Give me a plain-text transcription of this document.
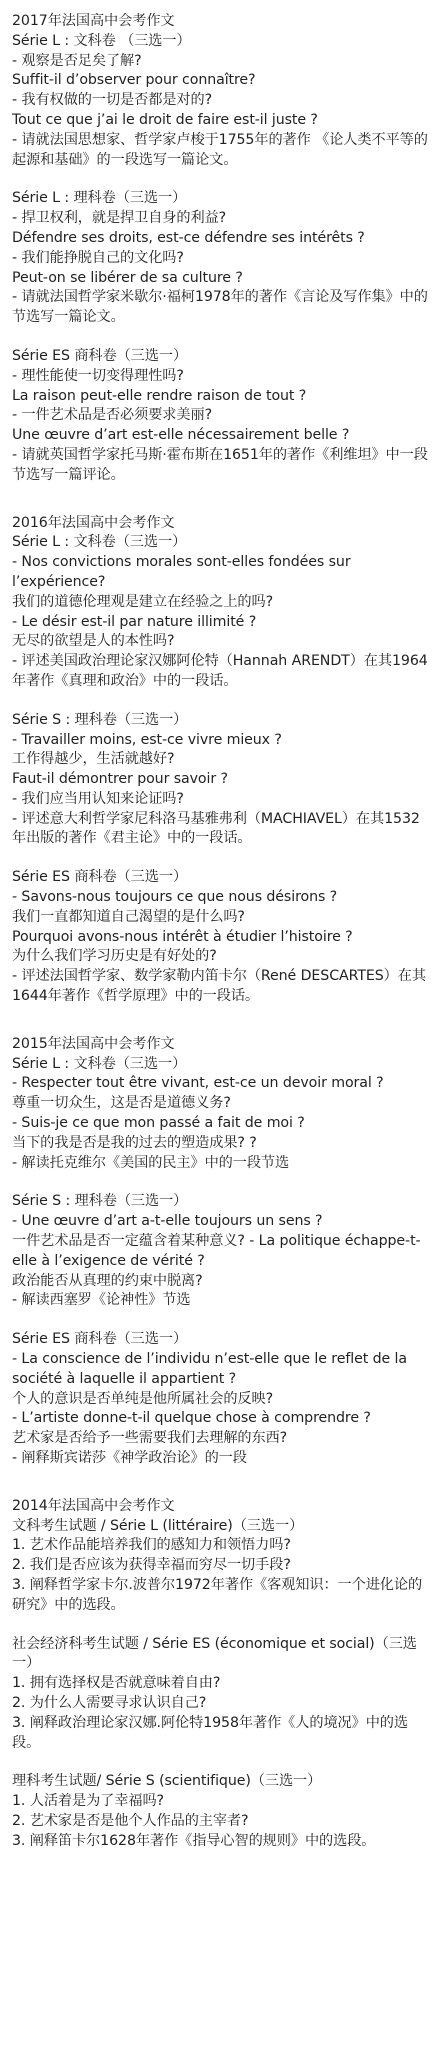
2017年法国高中会考作文
Série L : 文科卷 （三选一）
- 观察是否足矣了解?
Suffit-il d’observer pour connaître?
- 我有权做的一切是否都是对的?
Tout ce que j’ai le droit de faire est-il juste ?
- 请就法国思想家、哲学家卢梭于1755年的著作 《论人类不平等的起源和基础》的一段选写一篇论文。
Série L : 理科卷（三选一）
- 捍卫权利，就是捍卫自身的利益?
Défendre ses droits, est-ce défendre ses intérêts ?
- 我们能挣脱自己的文化吗?
Peut-on se libérer de sa culture ?
- 请就法国哲学家米歇尔·福柯1978年的著作《言论及写作集》中的节选写一篇论文。
Série ES 商科卷（三选一）
- 理性能使一切变得理性吗?
La raison peut-elle rendre raison de tout ?
- 一件艺术品是否必须要求美丽?
Une œuvre d’art est-elle nécessairement belle ?
- 请就英国哲学家托马斯·霍布斯在1651年的著作《利维坦》中一段节选写一篇评论。
2016年法国高中会考作文
Série L : 文科卷（三选一）
- Nos convictions morales sont-elles fondées sur l’expérience?
我们的道德伦理观是建立在经验之上的吗?
- Le désir est-il par nature illimité ?
无尽的欲望是人的本性吗?
- 评述美国政治理论家汉娜阿伦特（Hannah ARENDT）在其1964年著作《真理和政治》中的一段话。
Série S : 理科卷（三选一）
- Travailler moins, est-ce vivre mieux ?
工作得越少，生活就越好?
Faut-il démontrer pour savoir ?
- 我们应当用认知来论证吗?
- 评述意大利哲学家尼科洛马基雅弗利（MACHIAVEL）在其1532年出版的著作《君主论》中的一段话。
Série ES 商科卷（三选一）
- Savons-nous toujours ce que nous désirons ?
我们一直都知道自己渴望的是什么吗?
Pourquoi avons-nous intérêt à étudier l’histoire ?
为什么我们学习历史是有好处的?
- 评述法国哲学家、数学家勒内笛卡尔（René DESCARTES）在其1644年著作《哲学原理》中的一段话。
2015年法国高中会考作文
Série L : 文科卷（三选一）
- Respecter tout être vivant, est-ce un devoir moral ?
尊重一切众生，这是否是道德义务?
- Suis-je ce que mon passé a fait de moi ?
当下的我是否是我的过去的塑造成果? ?
- 解读托克维尔《美国的民主》中的一段节选
Série S : 理科卷（三选一）
- Une œuvre d’art a-t-elle toujours un sens ?
一件艺术品是否一定蕴含着某种意义? - La politique échappe-t-elle à l’exigence de vérité ?
政治能否从真理的约束中脱离?
- 解读西塞罗《论神性》节选
Série ES 商科卷（三选一）
- La conscience de l’individu n’est-elle que le reflet de la société à laquelle il appartient ?
个人的意识是否单纯是他所属社会的反映?
- L’artiste donne-t-il quelque chose à comprendre ?
艺术家是否给予一些需要我们去理解的东西?
- 阐释斯宾诺莎《神学政治论》的一段
2014年法国高中会考作文
文科考生试题 / Série L (littéraire)（三选一）
1. 艺术作品能培养我们的感知力和领悟力吗?
2. 我们是否应该为获得幸福而穷尽一切手段?
3. 阐释哲学家卡尔.波普尔1972年著作《客观知识：一个进化论的研究》中的选段。
社会经济科考生试题 / Série ES (économique et social)（三选一）
1. 拥有选择权是否就意味着自由?
2. 为什么人需要寻求认识自己?
3. 阐释政治理论家汉娜.阿伦特1958年著作《人的境况》中的选段。
理科考生试题/ Série S (scientifique)（三选一）
1. 人活着是为了幸福吗?
2. 艺术家是否是他个人作品的主宰者?
3. 阐释笛卡尔1628年著作《指导心智的规则》中的选段。
